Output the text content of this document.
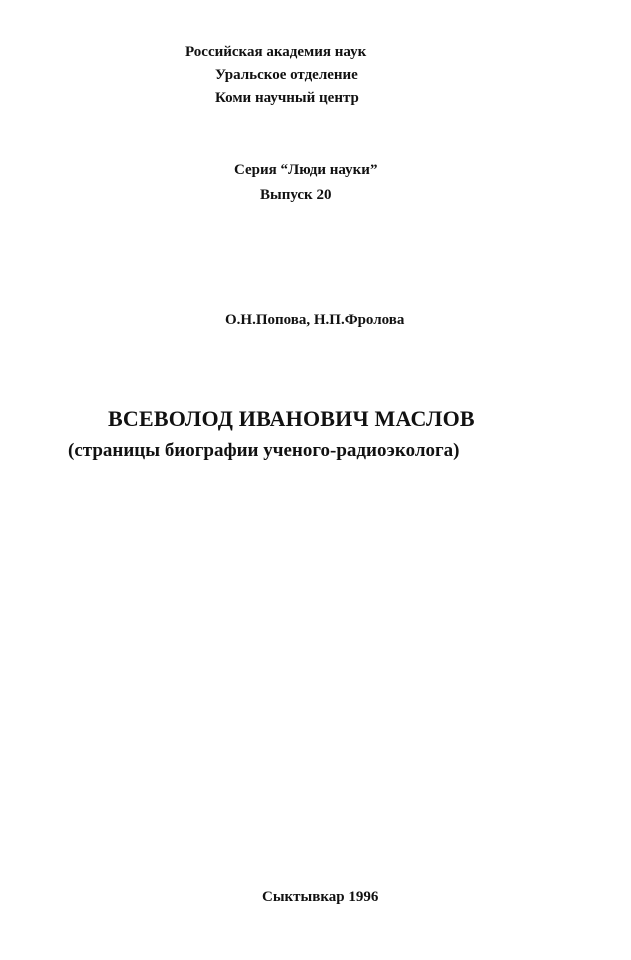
Российская академия наук
Уральское отделение
Коми научный центр
Серия “Люди науки”
Выпуск 20
О.Н.Попова, Н.П.Фролова
ВСЕВОЛОД ИВАНОВИЧ МАСЛОВ
(страницы биографии ученого-радиоэколога)
Сыктывкар 1996
